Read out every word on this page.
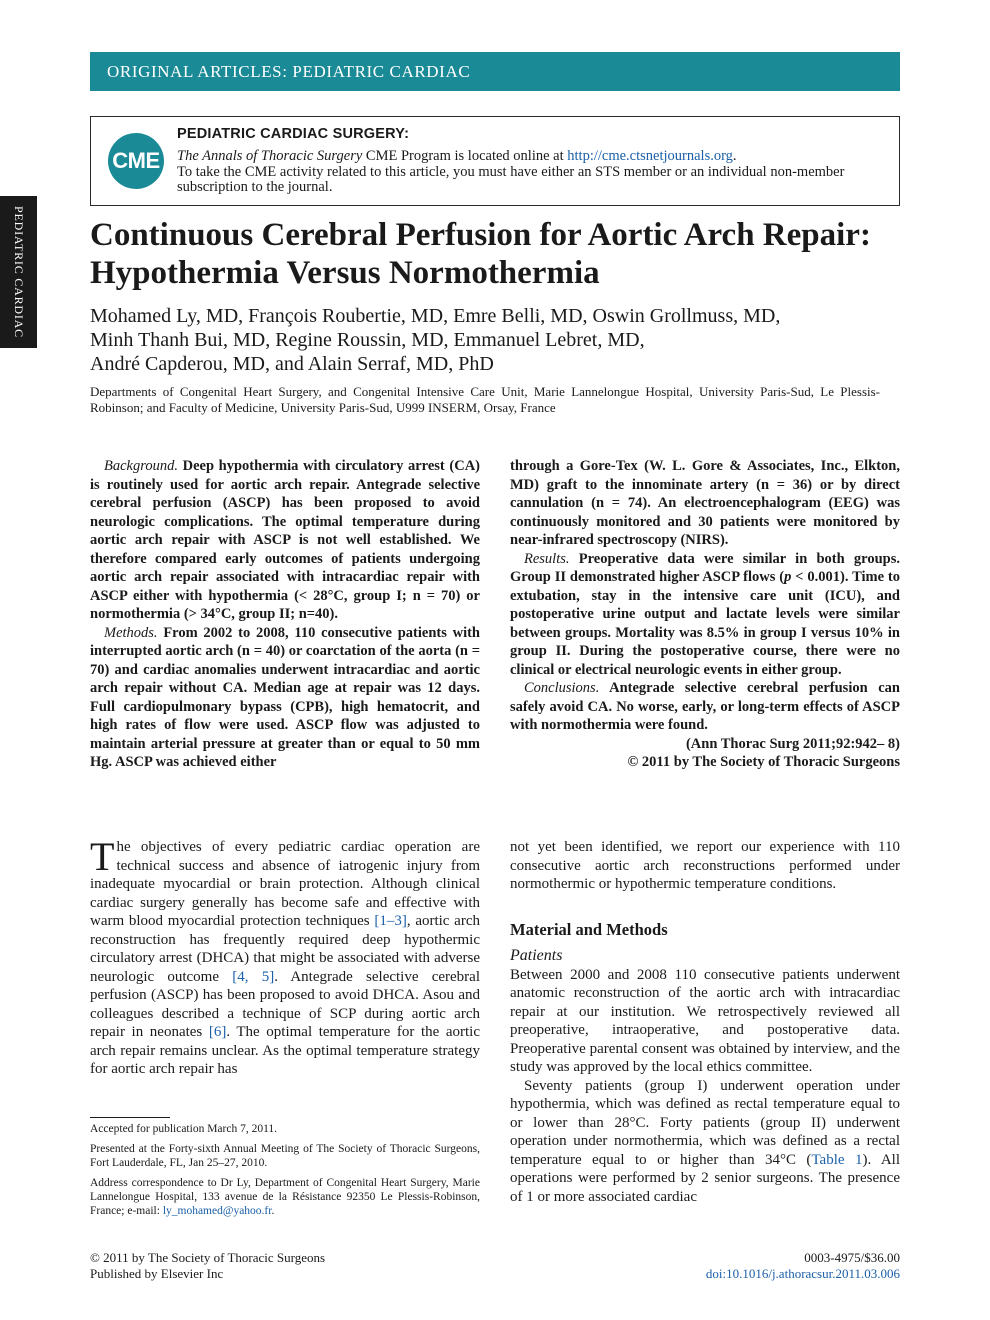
ORIGINAL ARTICLES: PEDIATRIC CARDIAC
CME
PEDIATRIC CARDIAC SURGERY:
The Annals of Thoracic Surgery CME Program is located online at http://cme.ctsnetjournals.org.
To take the CME activity related to this article, you must have either an STS member or an individual non-member subscription to the journal.
PEDIATRIC CARDIAC	Continuous Cerebral Perfusion for Aortic Arch Repair: Hypothermia Versus Normothermia
Mohamed Ly, MD, François Roubertie, MD, Emre Belli, MD, Oswin Grollmuss, MD,
Minh Thanh Bui, MD, Regine Roussin, MD, Emmanuel Lebret, MD,
André Capderou, MD, and Alain Serraf, MD, PhD
Departments of Congenital Heart Surgery, and Congenital Intensive Care Unit, Marie Lannelongue Hospital, University Paris-Sud, Le Plessis-Robinson; and Faculty of Medicine, University Paris-Sud, U999 INSERM, Orsay, France

Background. Deep hypothermia with circulatory arrest (CA) is routinely used for aortic arch repair. Antegrade selective cerebral perfusion (ASCP) has been proposed to avoid neurologic complications. The optimal temperature during aortic arch repair with ASCP is not well established. We therefore compared early outcomes of patients undergoing aortic arch repair associated with intracardiac repair with ASCP either with hypothermia (< 28°C, group I; n = 70) or normothermia (> 34°C, group II; n=40).

Methods. From 2002 to 2008, 110 consecutive patients with interrupted aortic arch (n = 40) or coarctation of the aorta (n = 70) and cardiac anomalies underwent intracardiac and aortic arch repair without CA. Median age at repair was 12 days. Full cardiopulmonary bypass (CPB), high hematocrit, and high rates of flow were used. ASCP flow was adjusted to maintain arterial pressure at greater than or equal to 50 mm Hg. ASCP was achieved either

through a Gore-Tex (W. L. Gore & Associates, Inc., Elkton, MD) graft to the innominate artery (n = 36) or by direct cannulation (n = 74). An electroencephalogram (EEG) was continuously monitored and 30 patients were monitored by near-infrared spectroscopy (NIRS).

Results. Preoperative data were similar in both groups. Group II demonstrated higher ASCP flows (p < 0.001). Time to extubation, stay in the intensive care unit (ICU), and postoperative urine output and lactate levels were similar between groups. Mortality was 8.5% in group I versus 10% in group II. During the postoperative course, there were no clinical or electrical neurologic events in either group.

Conclusions. Antegrade selective cerebral perfusion can safely avoid CA. No worse, early, or long-term effects of ASCP with normothermia were found.

(Ann Thorac Surg 2011;92:942– 8)

© 2011 by The Society of Thoracic Surgeons

The objectives of every pediatric cardiac operation are technical success and absence of iatrogenic injury from inadequate myocardial or brain protection. Although clinical cardiac surgery generally has become safe and effective with warm blood myocardial protection techniques [1–3], aortic arch reconstruction has frequently required deep hypothermic circulatory arrest (DHCA) that might be associated with adverse neurologic outcome [4, 5]. Antegrade selective cerebral perfusion (ASCP) has been proposed to avoid DHCA. Asou and colleagues described a technique of SCP during aortic arch repair in neonates [6]. The optimal temperature for the aortic arch repair remains unclear. As the optimal temperature strategy for aortic arch repair has

not yet been identified, we report our experience with 110 consecutive aortic arch reconstructions performed under normothermic or hypothermic temperature conditions.

Material and Methods

Patients

Between 2000 and 2008 110 consecutive patients underwent anatomic reconstruction of the aortic arch with intracardiac repair at our institution. We retrospectively reviewed all preoperative, intraoperative, and postoperative data. Preoperative parental consent was obtained by interview, and the study was approved by the local ethics committee.

Seventy patients (group I) underwent operation under hypothermia, which was defined as rectal temperature equal to or lower than 28°C. Forty patients (group II) underwent operation under normothermia, which was defined as a rectal temperature equal to or higher than 34°C (Table 1). All operations were performed by 2 senior surgeons. The presence of 1 or more associated cardiac

Accepted for publication March 7, 2011.

Presented at the Forty-sixth Annual Meeting of The Society of Thoracic Surgeons, Fort Lauderdale, FL, Jan 25–27, 2010.

Address correspondence to Dr Ly, Department of Congenital Heart Surgery, Marie Lannelongue Hospital, 133 avenue de la Résistance 92350 Le Plessis-Robinson, France; e-mail: ly_mohamed@yahoo.fr.

© 2011 by The Society of Thoracic Surgeons
Published by Elsevier Inc
0003-4975/$36.00
doi:10.1016/j.athoracsur.2011.03.006
